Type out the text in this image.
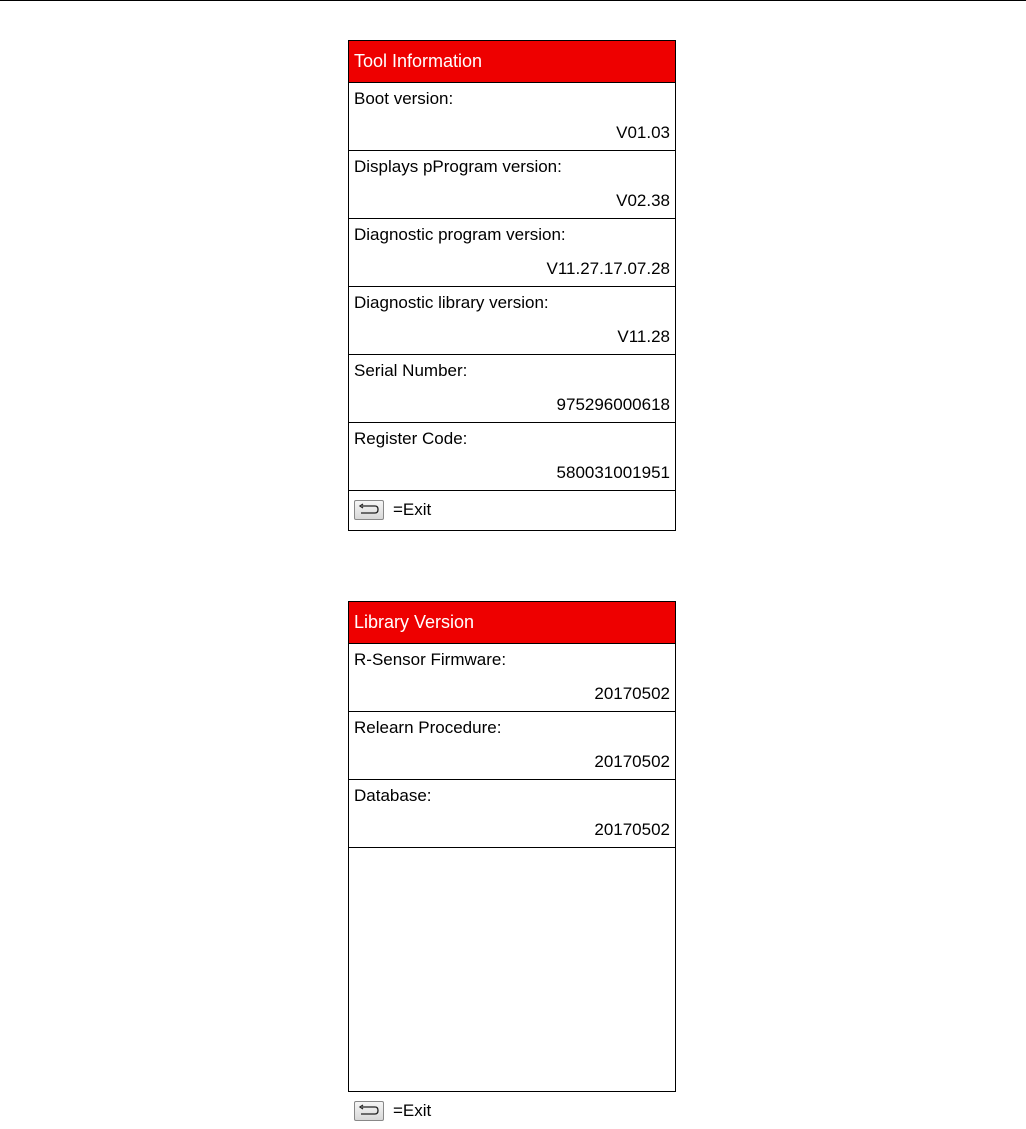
Tool Information
Boot version:
V01.03
Displays pProgram version:
V02.38
Diagnostic program version:
V11.27.17.07.28
Diagnostic library version:
V11.28
Serial Number:
975296000618
Register Code:
580031001951
=Exit
Library Version
R-Sensor Firmware:
20170502
Relearn Procedure:
20170502
Database:
20170502
=Exit
